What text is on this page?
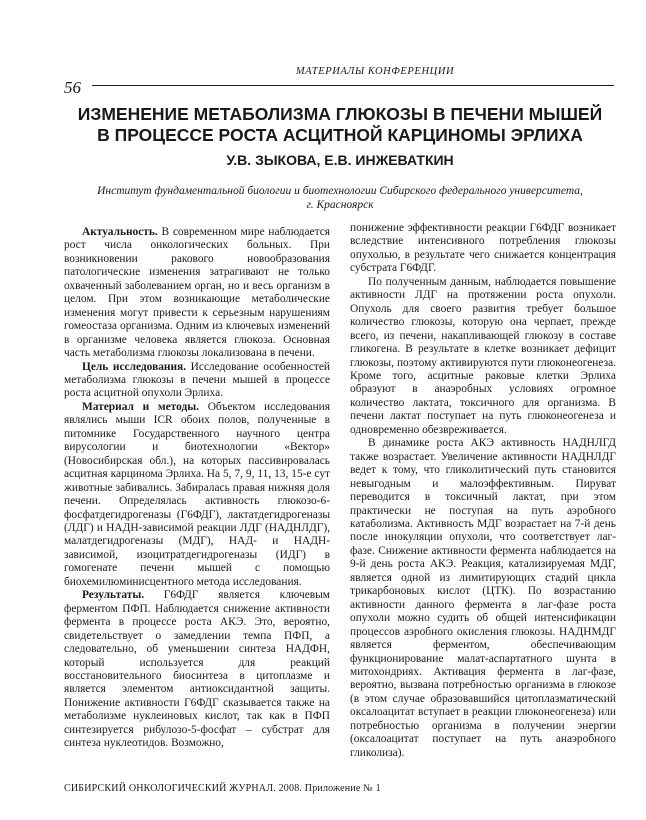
МАТЕРИАЛЫ КОНФЕРЕНЦИИ
56
ИЗМЕНЕНИЕ МЕТАБОЛИЗМА ГЛЮКОЗЫ В ПЕЧЕНИ МЫШЕЙ
В ПРОЦЕССЕ РОСТА АСЦИТНОЙ КАРЦИНОМЫ ЭРЛИХА
У.В. ЗЫКОВА, Е.В. ИНЖЕВАТКИН
Институт фундаментальной биологии и биотехнологии Сибирского федерального университета,
г. Красноярск

Актуальность. В современном мире наблюдается рост числа онкологических больных. При возникновении ракового новообразования патологические изменения затрагивают не только охваченный заболеванием орган, но и весь организм в целом. При этом возникающие метаболические изменения могут привести к серьезным нарушениям гомеостаза организма. Одним из ключевых изменений в организме человека является глюкоза. Основная часть метаболизма глюкозы локализована в печени.

Цель исследования. Исследование особенностей метаболизма глюкозы в печени мышей в процессе роста асцитной опухоли Эрлиха.

Материал и методы. Объектом исследования являлись мыши ICR обоих полов, полученные в питомнике Государственного научного центра вирусологии и биотехнологии «Вектор» (Новосибирская обл.), на которых пассивировалась асцитная карцинома Эрлиха. На 5, 7, 9, 11, 13, 15-е сут животные забивались. Забиралась правая нижняя доля печени. Определялась активность глюкозо-6-фосфатдегидрогеназы (Г6ФДГ), лактатдегидрогеназы (ЛДГ) и НАДН-зависимой реакции ЛДГ (НАДНЛДГ), малатдегидрогеназы (МДГ), НАД- и НАДН-зависимой, изоцитратдегидрогеназы (ИДГ) в гомогенате печени мышей с помощью биохемилюминисцентного метода исследования.

Результаты. Г6ФДГ является ключевым ферментом ПФП. Наблюдается снижение активности фермента в процессе роста АКЭ. Это, вероятно, свидетельствует о замедлении темпа ПФП, а следовательно, об уменьшении синтеза НАДФН, который используется для реакций восстановительного биосинтеза в цитоплазме и является элементом антиоксидантной защиты. Понижение активности Г6ФДГ сказывается также на метаболизме нуклеиновых кислот, так как в ПФП синтезируется рибулозо-5-фосфат – субстрат для синтеза нуклеотидов. Возможно,

понижение эффективности реакции Г6ФДГ возникает вследствие интенсивного потребления глюкозы опухолью, в результате чего снижается концентрация субстрата Г6ФДГ.

По полученным данным, наблюдается повышение активности ЛДГ на протяжении роста опухоли. Опухоль для своего развития требует большое количество глюкозы, которую она черпает, прежде всего, из печени, накапливающей глюкозу в составе гликогена. В результате в клетке возникает дефицит глюкозы, поэтому активируются пути глюконеогенеза. Кроме того, асцитные раковые клетки Эрлиха образуют в анаэробных условиях огромное количество лактата, токсичного для организма. В печени лактат поступает на путь глюконеогенеза и одновременно обезвреживается.

В динамике роста АКЭ активность НАДНЛГД также возрастает. Увеличение активности НАДНЛДГ ведет к тому, что гликолитический путь становится невыгодным и малоэффективным. Пируват переводится в токсичный лактат, при этом практически не поступая на путь аэробного катаболизма. Активность МДГ возрастает на 7-й день после инокуляции опухоли, что соответствует лаг-фазе. Снижение активности фермента наблюдается на 9-й день роста АКЭ. Реакция, катализируемая МДГ, является одной из лимитирующих стадий цикла трикарбоновых кислот (ЦТК). По возрастанию активности данного фермента в лаг-фазе роста опухоли можно судить об общей интенсификации процессов аэробного окисления глюкозы. НАДНМДГ является ферментом, обеспечивающим функционирование малат-аспартатного шунта в митохондриях. Активация фермента в лаг-фазе, вероятно, вызвана потребностью организма в глюкозе (в этом случае образовавшийся цитоплазматический оксалоацитат вступает в реакции глюконеогенеза) или потребностью организма в получении энергии (оксалоацитат поступает на путь анаэробного гликолиза).

СИБИРСКИЙ ОНКОЛОГИЧЕСКИЙ ЖУРНАЛ. 2008. Приложение № 1
